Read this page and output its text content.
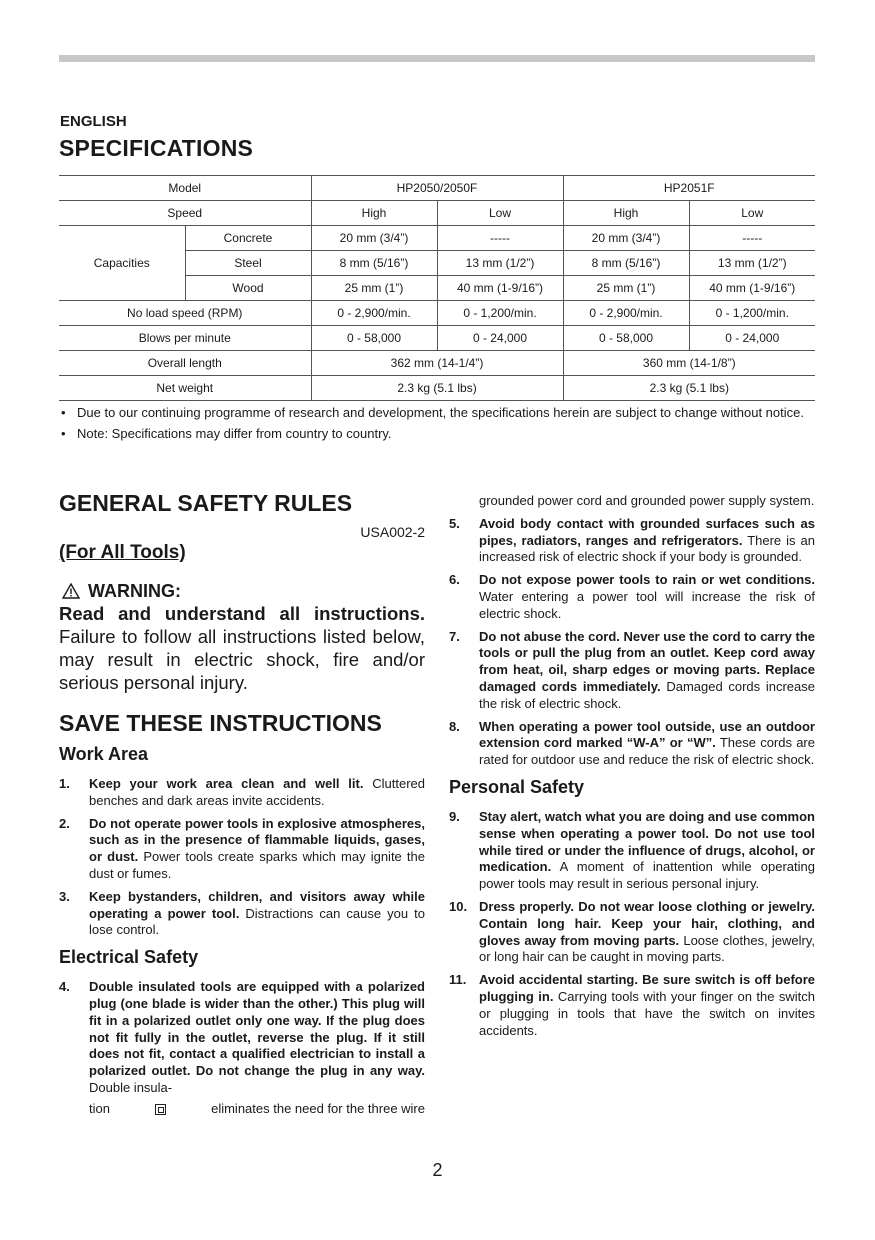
ENGLISH
SPECIFICATIONS
Model		HP2050/2050F		HP2051F	
Speed		High	Low	High	Low
Capacities	Concrete	20 mm (3/4”)	-----	20 mm (3/4”)	-----
	Steel	8 mm (5/16”)	13 mm (1/2”)	8 mm (5/16”)	13 mm (1/2”)
	Wood	25 mm (1”)	40 mm (1-9/16”)	25 mm (1”)	40 mm (1-9/16”)
No load speed (RPM)		0 - 2,900/min.	0 - 1,200/min.	0 - 2,900/min.	0 - 1,200/min.
Blows per minute		0 - 58,000	0 - 24,000	0 - 58,000	0 - 24,000
Overall length		362 mm (14-1/4”)		360 mm (14-1/8”)	
Net weight		2.3 kg (5.1 lbs)		2.3 kg (5.1 lbs)	
• Due to our continuing programme of research and development, the specifications herein are subject to change without notice.
• Note: Specifications may differ from country to country.
GENERAL SAFETY RULES
USA002-2
(For All Tools)
WARNING:
Read and understand all instructions. Failure to follow all instructions listed below, may result in electric shock, fire and/or serious personal injury.
SAVE THESE INSTRUCTIONS
Work Area
1. Keep your work area clean and well lit. Cluttered benches and dark areas invite accidents.
2. Do not operate power tools in explosive atmospheres, such as in the presence of flammable liquids, gases, or dust. Power tools create sparks which may ignite the dust or fumes.
3. Keep bystanders, children, and visitors away while operating a power tool. Distractions can cause you to lose control.
Electrical Safety
4. Double insulated tools are equipped with a polarized plug (one blade is wider than the other.) This plug will fit in a polarized outlet only one way. If the plug does not fit fully in the outlet, reverse the plug. If it still does not fit, contact a qualified electrician to install a polarized outlet. Do not change the plug in any way. Double insula-
tion	eliminates the need for the three wire
grounded power cord and grounded power supply system.
5. Avoid body contact with grounded surfaces such as pipes, radiators, ranges and refrigerators. There is an increased risk of electric shock if your body is grounded.
6. Do not expose power tools to rain or wet conditions. Water entering a power tool will increase the risk of electric shock.
7. Do not abuse the cord. Never use the cord to carry the tools or pull the plug from an outlet. Keep cord away from heat, oil, sharp edges or moving parts. Replace damaged cords immediately. Damaged cords increase the risk of electric shock.
8. When operating a power tool outside, use an outdoor extension cord marked “W-A” or “W”. These cords are rated for outdoor use and reduce the risk of electric shock.
Personal Safety
9. Stay alert, watch what you are doing and use common sense when operating a power tool. Do not use tool while tired or under the influence of drugs, alcohol, or medication. A moment of inattention while operating power tools may result in serious personal injury.
10. Dress properly. Do not wear loose clothing or jewelry. Contain long hair. Keep your hair, clothing, and gloves away from moving parts. Loose clothes, jewelry, or long hair can be caught in moving parts.
11. Avoid accidental starting. Be sure switch is off before plugging in. Carrying tools with your finger on the switch or plugging in tools that have the switch on invites accidents.
2
